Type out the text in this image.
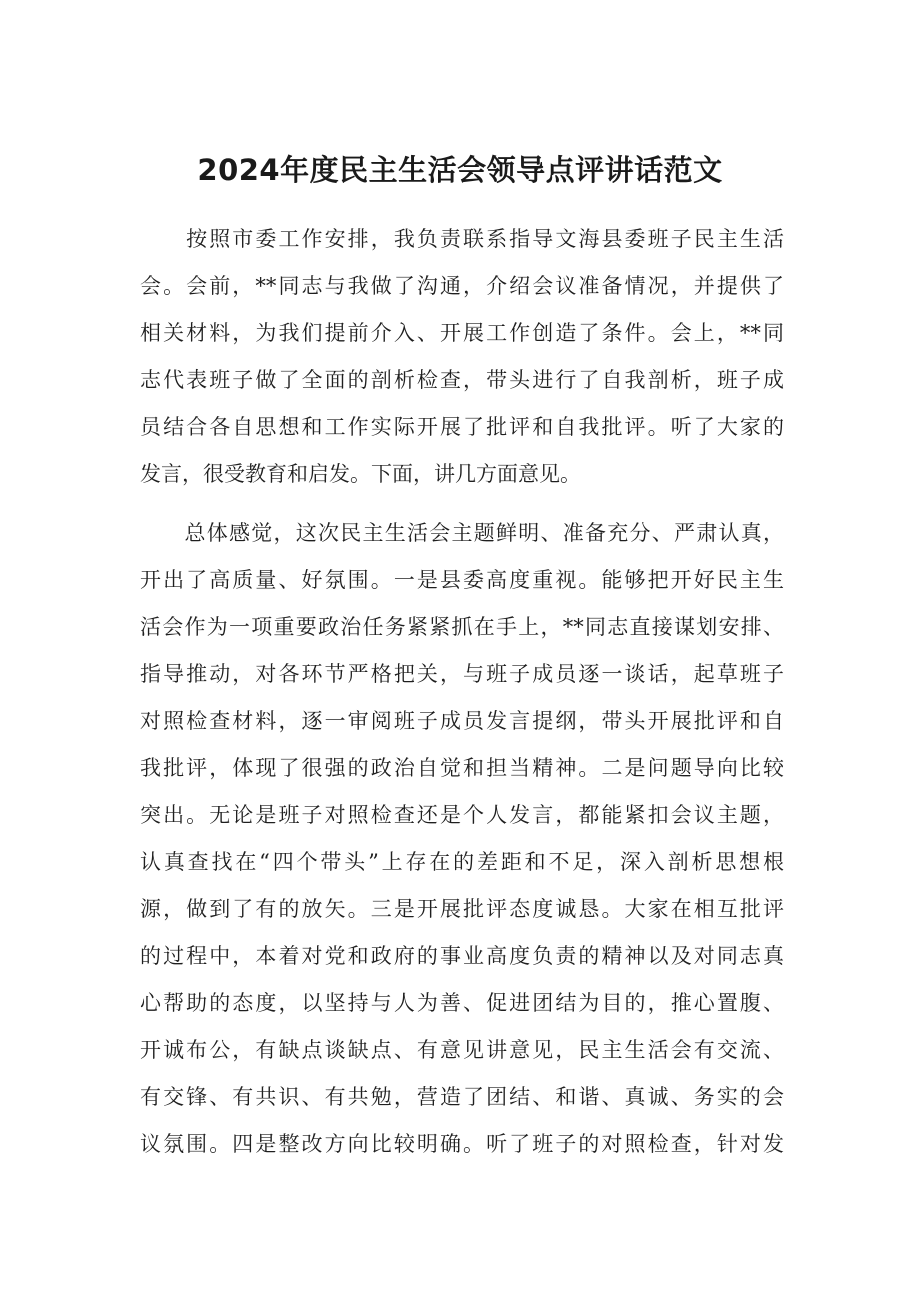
2024年度民主生活会领导点评讲话范文
　　按照市委工作安排，我负责联系指导文海县委班子民主生活
会。会前，**同志与我做了沟通，介绍会议准备情况，并提供了
相关材料，为我们提前介入、开展工作创造了条件。会上，**同
志代表班子做了全面的剖析检查，带头进行了自我剖析，班子成
员结合各自思想和工作实际开展了批评和自我批评。听了大家的
发言，很受教育和启发。下面，讲几方面意见。
　　总体感觉，这次民主生活会主题鲜明、准备充分、严肃认真，
开出了高质量、好氛围。一是县委高度重视。能够把开好民主生
活会作为一项重要政治任务紧紧抓在手上，**同志直接谋划安排、
指导推动，对各环节严格把关，与班子成员逐一谈话，起草班子
对照检查材料，逐一审阅班子成员发言提纲，带头开展批评和自
我批评，体现了很强的政治自觉和担当精神。二是问题导向比较
突出。无论是班子对照检查还是个人发言，都能紧扣会议主题，
认真查找在“四个带头”上存在的差距和不足，深入剖析思想根
源，做到了有的放矢。三是开展批评态度诚恳。大家在相互批评
的过程中，本着对党和政府的事业高度负责的精神以及对同志真
心帮助的态度，以坚持与人为善、促进团结为目的，推心置腹、
开诚布公，有缺点谈缺点、有意见讲意见，民主生活会有交流、
有交锋、有共识、有共勉，营造了团结、和谐、真诚、务实的会
议氛围。四是整改方向比较明确。听了班子的对照检查，针对发
